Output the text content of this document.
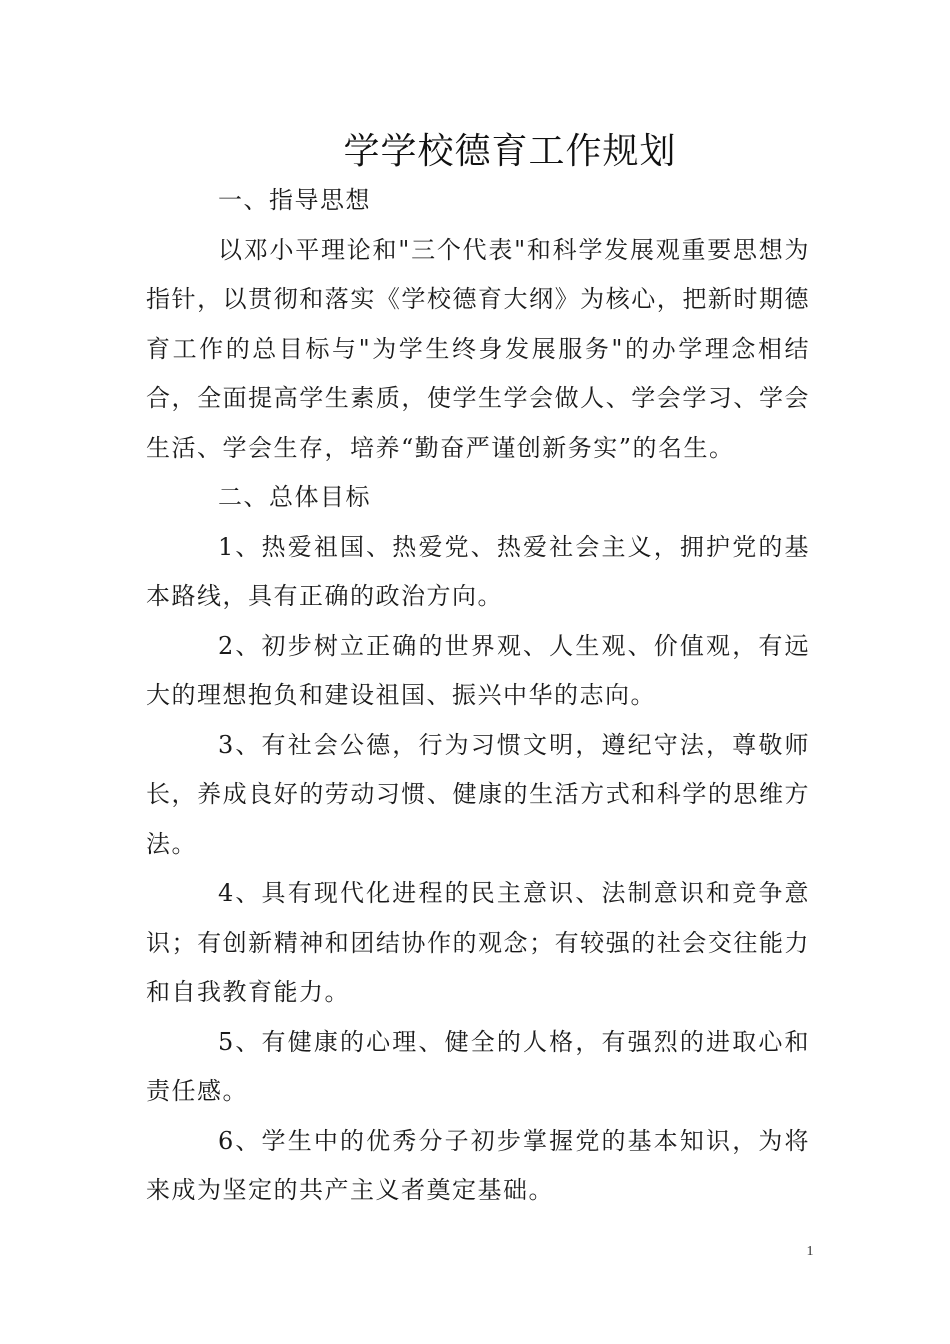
学学校德育工作规划

一、指导思想

以邓小平理论和"三个代表"和科学发展观重要思想为指针，以贯彻和落实《学校德育大纲》为核心，把新时期德育工作的总目标与"为学生终身发展服务"的办学理念相结合，全面提高学生素质，使学生学会做人、学会学习、学会生活、学会生存，培养“勤奋严谨创新务实”的名生。

二、总体目标

1、热爱祖国、热爱党、热爱社会主义，拥护党的基本路线，具有正确的政治方向。

2、初步树立正确的世界观、人生观、价值观，有远大的理想抱负和建设祖国、振兴中华的志向。

3、有社会公德，行为习惯文明，遵纪守法，尊敬师长，养成良好的劳动习惯、健康的生活方式和科学的思维方法。

4、具有现代化进程的民主意识、法制意识和竞争意识；有创新精神和团结协作的观念；有较强的社会交往能力和自我教育能力。

5、有健康的心理、健全的人格，有强烈的进取心和责任感。

6、学生中的优秀分子初步掌握党的基本知识，为将来成为坚定的共产主义者奠定基础。

1
